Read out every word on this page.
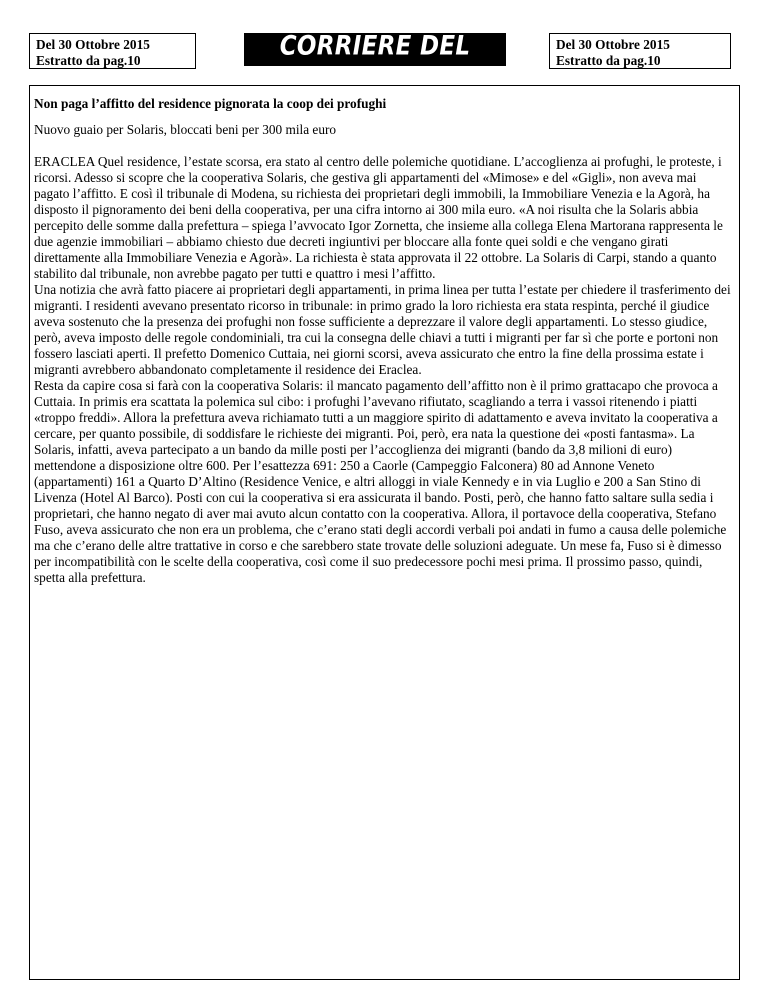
Del 30 Ottobre 2015
Estratto da pag.10	CORRIERE DEL VENETO
Del 30 Ottobre 2015
Estratto da pag.10

Non paga l’affitto del residence pignorata la coop dei profughi

Nuovo guaio per Solaris, bloccati beni per 300 mila euro

ERACLEA Quel residence, l’estate scorsa, era stato al centro delle polemiche quotidiane. L’accoglienza ai profughi, le proteste, i ricorsi. Adesso si scopre che la cooperativa Solaris, che gestiva gli appartamenti del «Mimose» e del «Gigli», non aveva mai pagato l’affitto. E così il tribunale di Modena, su richiesta dei proprietari degli immobili, la Immobiliare Venezia e la Agorà, ha disposto il pignoramento dei beni della cooperativa, per una cifra intorno ai 300 mila euro. «A noi risulta che la Solaris abbia percepito delle somme dalla prefettura – spiega l’avvocato Igor Zornetta, che insieme alla collega Elena Martorana rappresenta le due agenzie immobiliari – abbiamo chiesto due decreti ingiuntivi per bloccare alla fonte quei soldi e che vengano girati direttamente alla Immobiliare Venezia e Agorà». La richiesta è stata approvata il 22 ottobre. La Solaris di Carpi, stando a quanto stabilito dal tribunale, non avrebbe pagato per tutti e quattro i mesi l’affitto.

Una notizia che avrà fatto piacere ai proprietari degli appartamenti, in prima linea per tutta l’estate per chiedere il trasferimento dei migranti. I residenti avevano presentato ricorso in tribunale: in primo grado la loro richiesta era stata respinta, perché il giudice aveva sostenuto che la presenza dei profughi non fosse sufficiente a deprezzare il valore degli appartamenti. Lo stesso giudice, però, aveva imposto delle regole condominiali, tra cui la consegna delle chiavi a tutti i migranti per far sì che porte e portoni non fossero lasciati aperti. Il prefetto Domenico Cuttaia, nei giorni scorsi, aveva assicurato che entro la fine della prossima estate i migranti avrebbero abbandonato completamente il residence dei Eraclea.

Resta da capire cosa si farà con la cooperativa Solaris: il mancato pagamento dell’affitto non è il primo grattacapo che provoca a Cuttaia. In primis era scattata la polemica sul cibo: i profughi l’avevano rifiutato, scagliando a terra i vassoi ritenendo i piatti «troppo freddi». Allora la prefettura aveva richiamato tutti a un maggiore spirito di adattamento e aveva invitato la cooperativa a cercare, per quanto possibile, di soddisfare le richieste dei migranti. Poi, però, era nata la questione dei «posti fantasma». La Solaris, infatti, aveva partecipato a un bando da mille posti per l’accoglienza dei migranti (bando da 3,8 milioni di euro) mettendone a disposizione oltre 600. Per l’esattezza 691: 250 a Caorle (Campeggio Falconera) 80 ad Annone Veneto (appartamenti) 161 a Quarto D’Altino (Residence Venice, e altri alloggi in viale Kennedy e in via Luglio e 200 a San Stino di Livenza (Hotel Al Barco). Posti con cui la cooperativa si era assicurata il bando. Posti, però, che hanno fatto saltare sulla sedia i proprietari, che hanno negato di aver mai avuto alcun contatto con la cooperativa. Allora, il portavoce della cooperativa, Stefano Fuso, aveva assicurato che non era un problema, che c’erano stati degli accordi verbali poi andati in fumo a causa delle polemiche ma che c’erano delle altre trattative in corso e che sarebbero state trovate delle soluzioni adeguate. Un mese fa, Fuso si è dimesso per incompatibilità con le scelte della cooperativa, così come il suo predecessore pochi mesi prima. Il prossimo passo, quindi, spetta alla prefettura.
